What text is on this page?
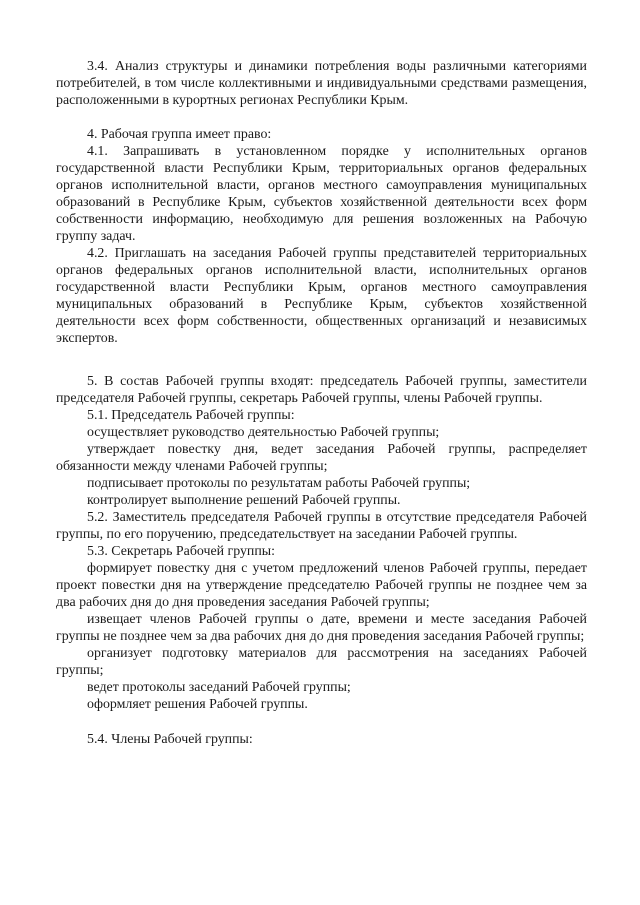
3.4. Анализ структуры и динамики потребления воды различными категориями потребителей, в том числе коллективными и индивидуальными средствами размещения, расположенными в курортных регионах Республики Крым.

4. Рабочая группа имеет право:

4.1. Запрашивать в установленном порядке у исполнительных органов государственной власти Республики Крым, территориальных органов федеральных органов исполнительной власти, органов местного самоуправления муниципальных образований в Республике Крым, субъектов хозяйственной деятельности всех форм собственности информацию, необходимую для решения возложенных на Рабочую группу задач.

4.2. Приглашать на заседания Рабочей группы представителей территориальных органов федеральных органов исполнительной власти, исполнительных органов государственной власти Республики Крым, органов местного самоуправления муниципальных образований в Республике Крым, субъектов хозяйственной деятельности всех форм собственности, общественных организаций и независимых экспертов.

5. В состав Рабочей группы входят: председатель Рабочей группы, заместители председателя Рабочей группы, секретарь Рабочей группы, члены Рабочей группы.

5.1. Председатель Рабочей группы:

осуществляет руководство деятельностью Рабочей группы;

утверждает повестку дня, ведет заседания Рабочей группы, распределяет обязанности между членами Рабочей группы;

подписывает протоколы по результатам работы Рабочей группы;

контролирует выполнение решений Рабочей группы.

5.2. Заместитель председателя Рабочей группы в отсутствие председателя Рабочей группы, по его поручению, председательствует на заседании Рабочей группы.

5.3. Секретарь Рабочей группы:

формирует повестку дня с учетом предложений членов Рабочей группы, передает проект повестки дня на утверждение председателю Рабочей группы не позднее чем за два рабочих дня до дня проведения заседания Рабочей группы;

извещает членов Рабочей группы о дате, времени и месте заседания Рабочей группы не позднее чем за два рабочих дня до дня проведения заседания Рабочей группы;

организует подготовку материалов для рассмотрения на заседаниях Рабочей группы;

ведет протоколы заседаний Рабочей группы;

оформляет решения Рабочей группы.

5.4. Члены Рабочей группы:
